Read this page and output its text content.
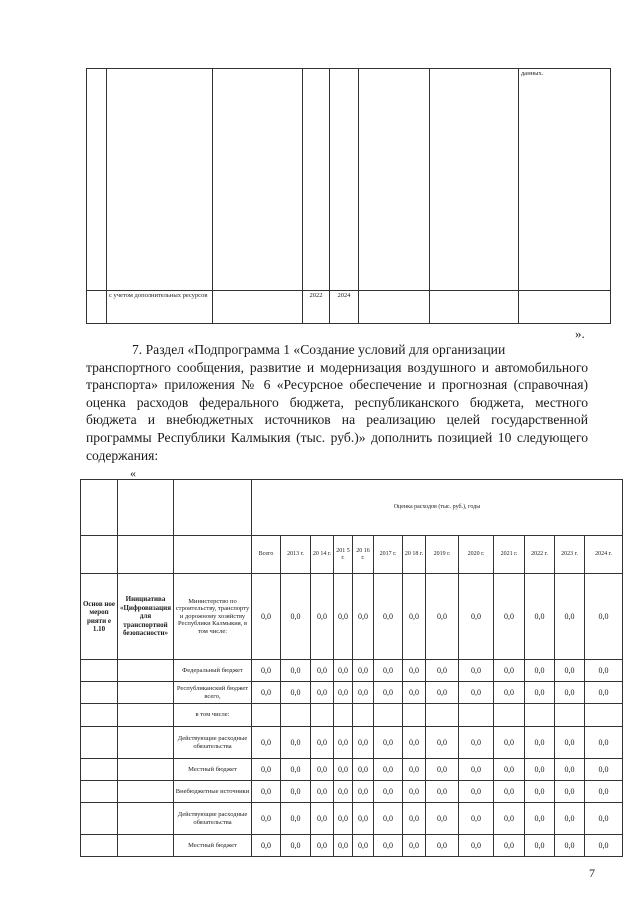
							данных.
	с учетом дополнительных ресурсов		2022	2024			
».
7. Раздел «Подпрограмма 1 «Создание условий для организации
транспортного сообщения, развитие и модернизация воздушного и автомобильного транспорта» приложения № 6 «Ресурсное обеспечение и прогнозная (справочная) оценка расходов федерального бюджета, республиканского бюджета, местного бюджета и внебюджетных источников на реализацию целей государственной программы Республики Калмыкия (тыс. руб.)» дополнить позицией 10 следующего содержания:
«
			Оценка расходов (тыс. руб.), годы												
			Всего	2013 г.	20 14 г.	201 5 г.	20 16 г.	2017 г.	20 18 г.	2019 г.	2020 г.	2021 г.	2022 г.	2023 г.	2024 г.
Основ ное мероп рияти е 1.10	Инициатива «Цифровизация для транспортной безопасности»	Министерство по строительству, транспорту и дорожному хозяйству Республики Калмыкия, в том числе:	0,0	0,0	0,0	0,0	0,0	0,0	0,0	0,0	0,0	0,0	0,0	0,0	0,0
		Федеральный бюджет	0,0	0,0	0,0	0,0	0,0	0,0	0,0	0,0	0,0	0,0	0,0	0,0	0,0
		Республиканский бюджет всего,	0,0	0,0	0,0	0,0	0,0	0,0	0,0	0,0	0,0	0,0	0,0	0,0	0,0
		в том числе:													
		Действующие расходные обязательства	0,0	0,0	0,0	0,0	0,0	0,0	0,0	0,0	0,0	0,0	0,0	0,0	0,0
		Местный бюджет	0,0	0,0	0,0	0,0	0,0	0,0	0,0	0,0	0,0	0,0	0,0	0,0	0,0
		Внебюджетные источники	0,0	0,0	0,0	0,0	0,0	0,0	0,0	0,0	0,0	0,0	0,0	0,0	0,0
		Действующие расходные обязательства	0,0	0,0	0,0	0,0	0,0	0,0	0,0	0,0	0,0	0,0	0,0	0,0	0,0
		Местный бюджет	0,0	0,0	0,0	0,0	0,0	0,0	0,0	0,0	0,0	0,0	0,0	0,0	0,0
7
